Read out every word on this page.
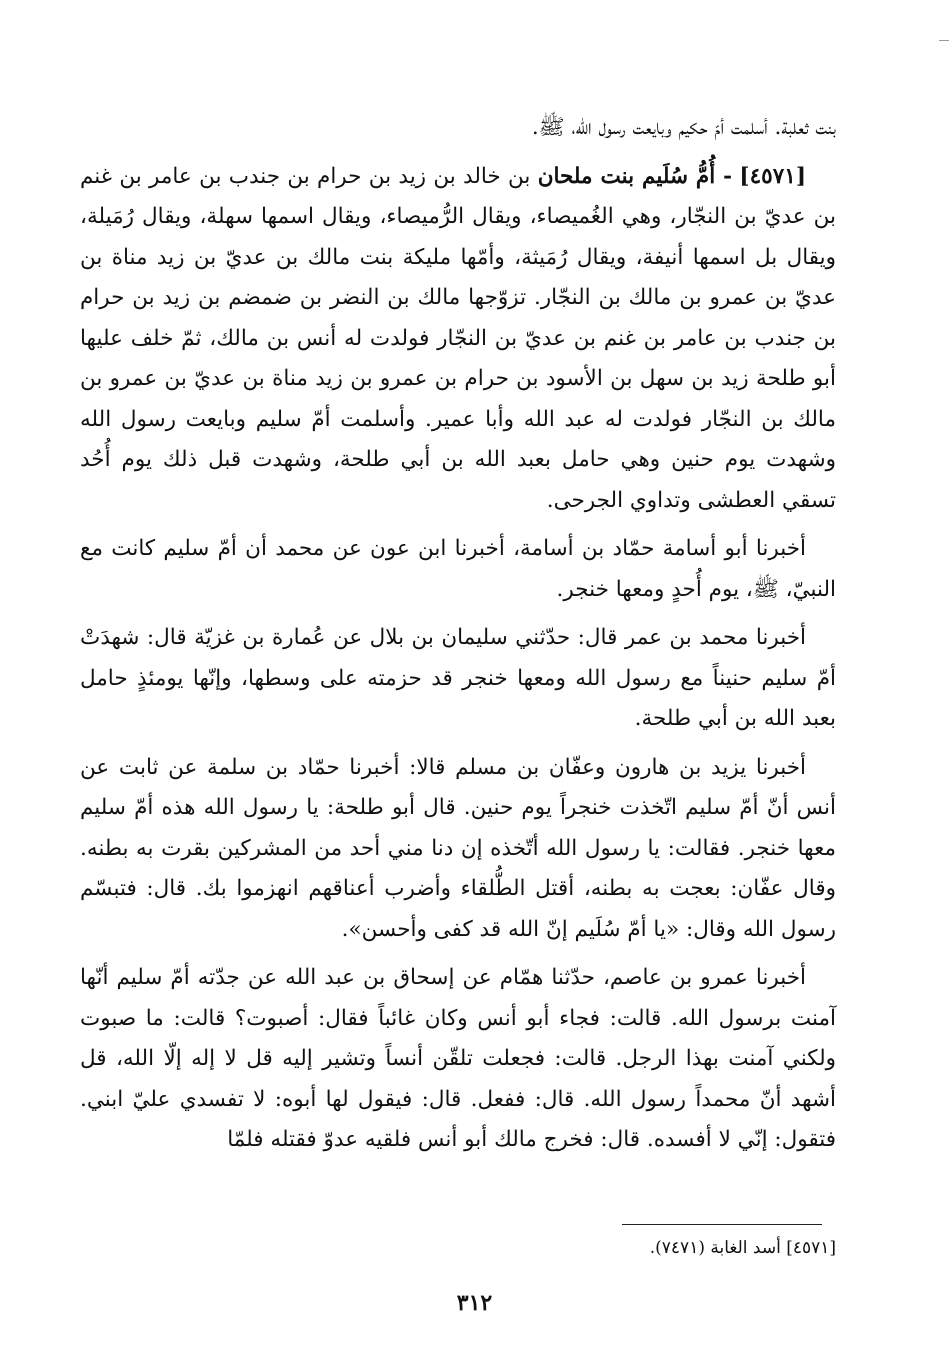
بنت ثعلبة. أسلمت أمّ حكيم وبايعت رسول الله، ﷺ.

[٤٥٧١] - أُمُّ سُلَيم بنت ملحان بن خالد بن زيد بن حرام بن جندب بن عامر بن غنم بن عديّ بن النجّار، وهي الغُميصاء، ويقال الرُّميصاء، ويقال اسمها سهلة، ويقال رُمَيلة، ويقال بل اسمها أنيفة، ويقال رُمَيثة، وأمّها مليكة بنت مالك بن عديّ بن زيد مناة بن عديّ بن عمرو بن مالك بن النجّار. تزوّجها مالك بن النضر بن ضمضم بن زيد بن حرام بن جندب بن عامر بن غنم بن عديّ بن النجّار فولدت له أنس بن مالك، ثمّ خلف عليها أبو طلحة زيد بن سهل بن الأسود بن حرام بن عمرو بن زيد مناة بن عديّ بن عمرو بن مالك بن النجّار فولدت له عبد الله وأبا عمير. وأسلمت أمّ سليم وبايعت رسول الله وشهدت يوم حنين وهي حامل بعبد الله بن أبي طلحة، وشهدت قبل ذلك يوم أُحُد تسقي العطشى وتداوي الجرحى.

أخبرنا أبو أسامة حمّاد بن أسامة، أخبرنا ابن عون عن محمد أن أمّ سليم كانت مع النبيّ، ﷺ، يوم أُحدٍ ومعها خنجر.

أخبرنا محمد بن عمر قال: حدّثني سليمان بن بلال عن عُمارة بن غزيّة قال: شهدَتْ أمّ سليم حنيناً مع رسول الله ومعها خنجر قد حزمته على وسطها، وإنّها يومئذٍ حامل بعبد الله بن أبي طلحة.

أخبرنا يزيد بن هارون وعفّان بن مسلم قالا: أخبرنا حمّاد بن سلمة عن ثابت عن أنس أنّ أمّ سليم اتّخذت خنجراً يوم حنين. قال أبو طلحة: يا رسول الله هذه أمّ سليم معها خنجر. فقالت: يا رسول الله أتّخذه إن دنا مني أحد من المشركين بقرت به بطنه. وقال عفّان: بعجت به بطنه، أقتل الطُّلقاء وأضرب أعناقهم انهزموا بك. قال: فتبسّم رسول الله وقال: «يا أمّ سُلَيم إنّ الله قد كفى وأحسن».

أخبرنا عمرو بن عاصم، حدّثنا همّام عن إسحاق بن عبد الله عن جدّته أمّ سليم أنّها آمنت برسول الله. قالت: فجاء أبو أنس وكان غائباً فقال: أصبوت؟ قالت: ما صبوت ولكني آمنت بهذا الرجل. قالت: فجعلت تلقّن أنساً وتشير إليه قل لا إله إلّا الله، قل أشهد أنّ محمداً رسول الله. قال: ففعل. قال: فيقول لها أبوه: لا تفسدي عليّ ابني. فتقول: إنّي لا أفسده. قال: فخرج مالك أبو أنس فلقيه عدوّ فقتله فلمّا

[٤٥٧١] أسد الغابة (٧٤٧١).
٣١٢
